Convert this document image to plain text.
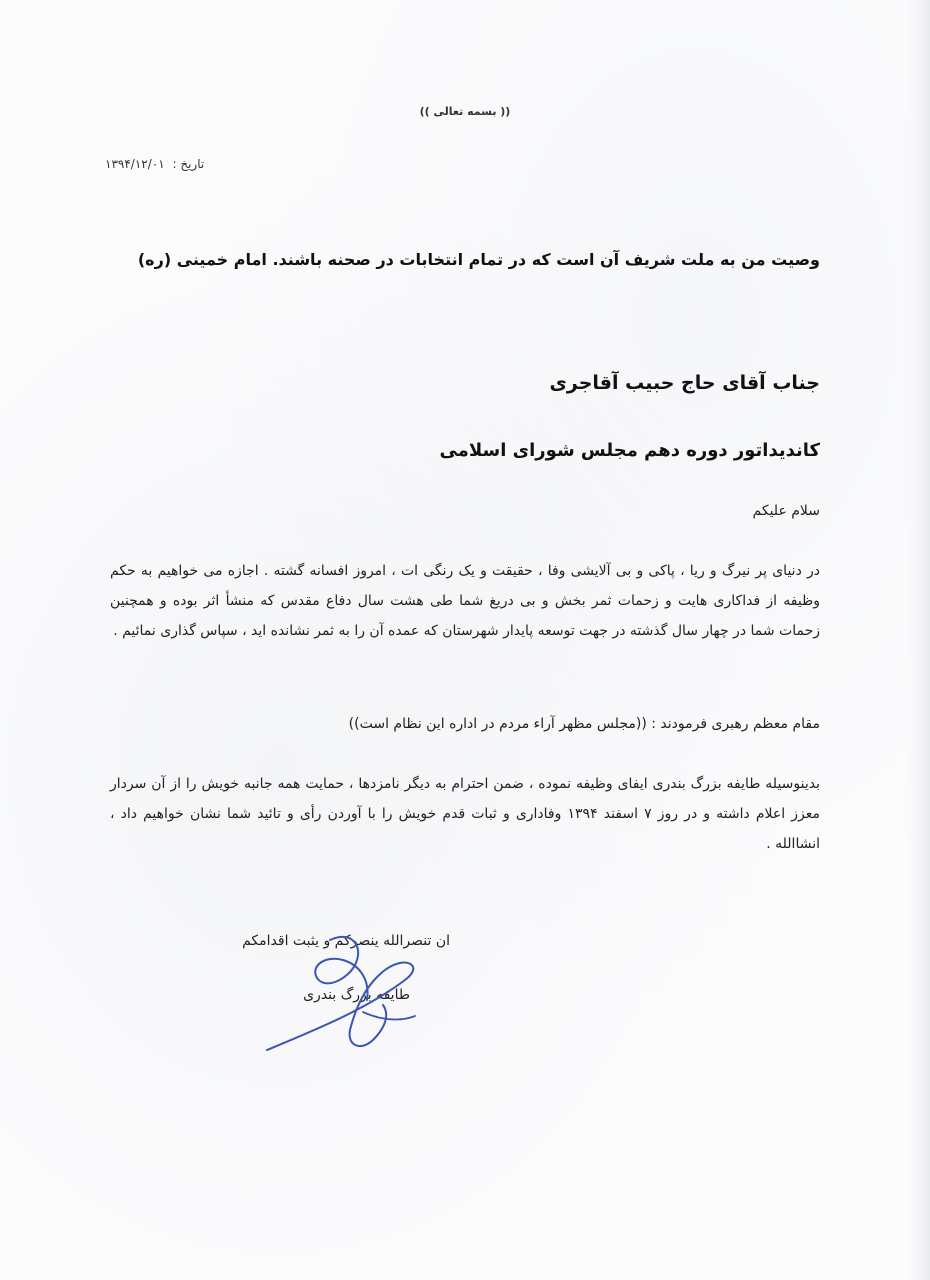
(( بسمه تعالی ))
تاریخ : ۱۳۹۴/۱۲/۰۱
وصیت من به ملت شریف آن است که در تمام انتخابات در صحنه باشند. امام خمینی (ره)
جناب آقای حاج حبیب آقاجری
کاندیداتور دوره دهم مجلس شورای اسلامی
سلام علیکم
در دنیای پر نیرگ و ریا ، پاکی و بی آلایشی وفا ، حقیقت و یک رنگی ات ، امروز افسانه گشته . اجازه می خواهیم به حکم وظیفه از فداکاری هایت و زحمات ثمر بخش و بی دریغ شما طی هشت سال دفاع مقدس که منشأ اثر بوده و همچنین زحمات شما در چهار سال گذشته در جهت توسعه پایدار شهرستان که عمده آن را به ثمر نشانده اید ، سپاس گذاری نمائیم .
مقام معظم رهبری فرمودند : ((مجلس مظهر آراء مردم در اداره این نظام است))
بدینوسیله طایفه بزرگ بندری ایفای وظیفه نموده ، ضمن احترام به دیگر نامزدها ، حمایت همه جانبه خویش را از آن سردار معزز اعلام داشته و در روز ۷ اسفند ۱۳۹۴ وفاداری و ثبات قدم خویش را با آوردن رأی و تائید شما نشان خواهیم داد ، انشاالله .
ان تنصرالله ینصرکم و یثبت اقدامکم
طایفه بزرگ بندری
